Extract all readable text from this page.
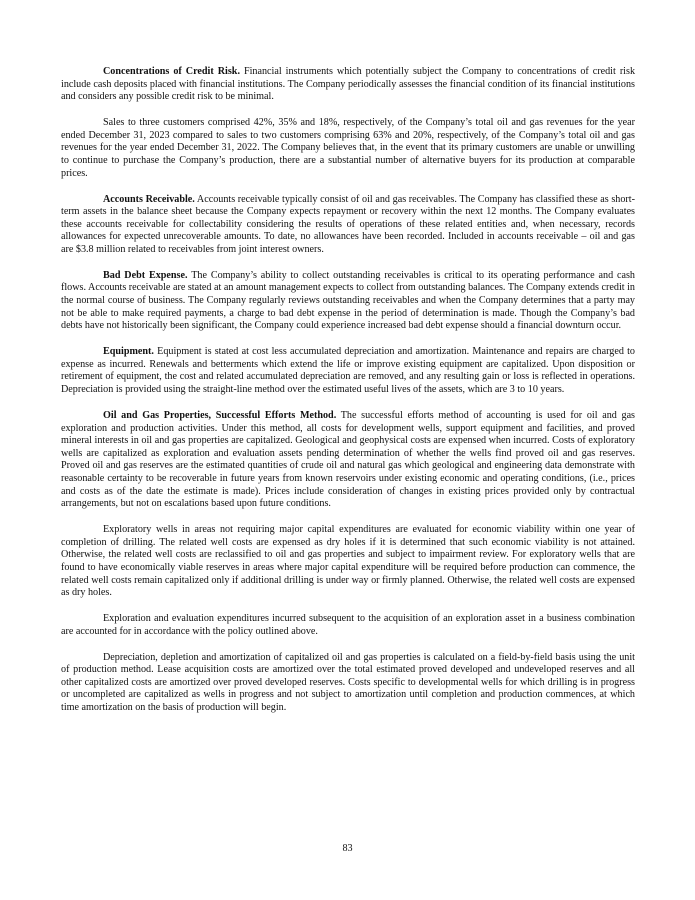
Concentrations of Credit Risk. Financial instruments which potentially subject the Company to concentrations of credit risk include cash deposits placed with financial institutions. The Company periodically assesses the financial condition of its financial institutions and considers any possible credit risk to be minimal.

Sales to three customers comprised 42%, 35% and 18%, respectively, of the Company’s total oil and gas revenues for the year ended December 31, 2023 compared to sales to two customers comprising 63% and 20%, respectively, of the Company’s total oil and gas revenues for the year ended December 31, 2022. The Company believes that, in the event that its primary customers are unable or unwilling to continue to purchase the Company’s production, there are a substantial number of alternative buyers for its production at comparable prices.

Accounts Receivable. Accounts receivable typically consist of oil and gas receivables. The Company has classified these as short-term assets in the balance sheet because the Company expects repayment or recovery within the next 12 months. The Company evaluates these accounts receivable for collectability considering the results of operations of these related entities and, when necessary, records allowances for expected unrecoverable amounts. To date, no allowances have been recorded. Included in accounts receivable – oil and gas are $3.8 million related to receivables from joint interest owners.

Bad Debt Expense. The Company’s ability to collect outstanding receivables is critical to its operating performance and cash flows. Accounts receivable are stated at an amount management expects to collect from outstanding balances. The Company extends credit in the normal course of business. The Company regularly reviews outstanding receivables and when the Company determines that a party may not be able to make required payments, a charge to bad debt expense in the period of determination is made. Though the Company’s bad debts have not historically been significant, the Company could experience increased bad debt expense should a financial downturn occur.

Equipment. Equipment is stated at cost less accumulated depreciation and amortization. Maintenance and repairs are charged to expense as incurred. Renewals and betterments which extend the life or improve existing equipment are capitalized. Upon disposition or retirement of equipment, the cost and related accumulated depreciation are removed, and any resulting gain or loss is reflected in operations. Depreciation is provided using the straight-line method over the estimated useful lives of the assets, which are 3 to 10 years.

Oil and Gas Properties, Successful Efforts Method. The successful efforts method of accounting is used for oil and gas exploration and production activities. Under this method, all costs for development wells, support equipment and facilities, and proved mineral interests in oil and gas properties are capitalized. Geological and geophysical costs are expensed when incurred. Costs of exploratory wells are capitalized as exploration and evaluation assets pending determination of whether the wells find proved oil and gas reserves. Proved oil and gas reserves are the estimated quantities of crude oil and natural gas which geological and engineering data demonstrate with reasonable certainty to be recoverable in future years from known reservoirs under existing economic and operating conditions, (i.e., prices and costs as of the date the estimate is made). Prices include consideration of changes in existing prices provided only by contractual arrangements, but not on escalations based upon future conditions.

Exploratory wells in areas not requiring major capital expenditures are evaluated for economic viability within one year of completion of drilling. The related well costs are expensed as dry holes if it is determined that such economic viability is not attained. Otherwise, the related well costs are reclassified to oil and gas properties and subject to impairment review. For exploratory wells that are found to have economically viable reserves in areas where major capital expenditure will be required before production can commence, the related well costs remain capitalized only if additional drilling is under way or firmly planned. Otherwise, the related well costs are expensed as dry holes.

Exploration and evaluation expenditures incurred subsequent to the acquisition of an exploration asset in a business combination are accounted for in accordance with the policy outlined above.

Depreciation, depletion and amortization of capitalized oil and gas properties is calculated on a field-by-field basis using the unit of production method. Lease acquisition costs are amortized over the total estimated proved developed and undeveloped reserves and all other capitalized costs are amortized over proved developed reserves. Costs specific to developmental wells for which drilling is in progress or uncompleted are capitalized as wells in progress and not subject to amortization until completion and production commences, at which time amortization on the basis of production will begin.

83
